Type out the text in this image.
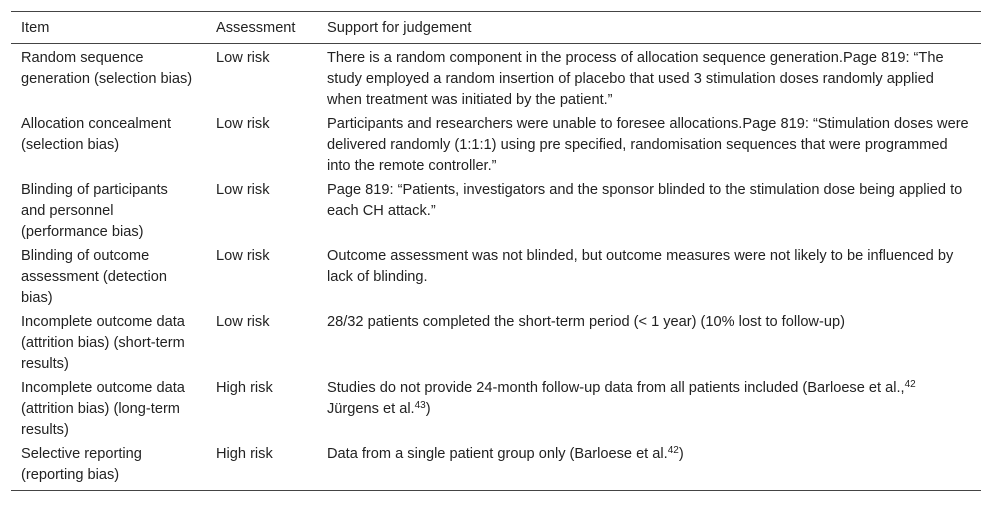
Item	Assessment	Support for judgement
Random sequence generation (selection bias)	Low risk	There is a random component in the process of allocation sequence generation.Page 819: “The study employed a random insertion of placebo that used 3 stimulation doses randomly applied when treatment was initiated by the patient.”
Allocation concealment (selection bias)	Low risk	Participants and researchers were unable to foresee allocations.Page 819: “Stimulation doses were delivered randomly (1:1:1) using pre specified, randomisation sequences that were programmed into the remote controller.”
Blinding of participants and personnel (performance bias)	Low risk	Page 819: “Patients, investigators and the sponsor blinded to the stimulation dose being applied to each CH attack.”
Blinding of outcome assessment (detection bias)	Low risk	Outcome assessment was not blinded, but outcome measures were not likely to be influenced by lack of blinding.
Incomplete outcome data (attrition bias) (short-term results)	Low risk	28/32 patients completed the short-term period (< 1 year) (10% lost to follow-up)
Incomplete outcome data (attrition bias) (long-term results)	High risk	Studies do not provide 24-month follow-up data from all patients included (Barloese et al.,$^{42}$ Jürgens et al.$^{43}$)
Selective reporting (reporting bias)	High risk	Data from a single patient group only (Barloese et al.$^{42}$)
